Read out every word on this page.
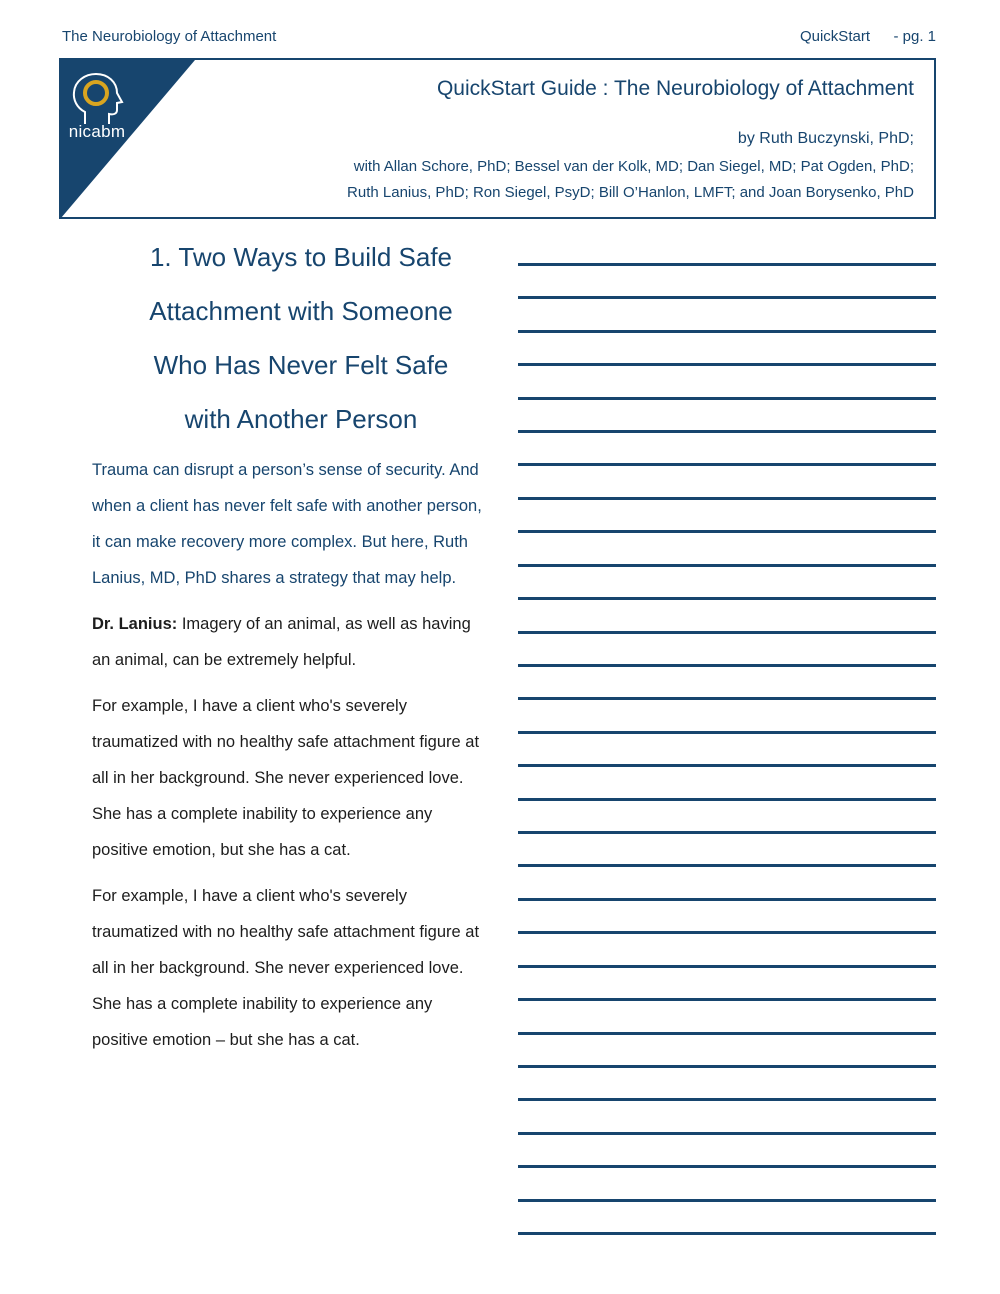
The Neurobiology of Attachment	QuickStart - pg. 1
nicabm
QuickStart Guide : The Neurobiology of Attachment
by Ruth Buczynski, PhD;
with Allan Schore, PhD; Bessel van der Kolk, MD; Dan Siegel, MD; Pat Ogden, PhD;
Ruth Lanius, PhD; Ron Siegel, PsyD; Bill O’Hanlon, LMFT; and Joan Borysenko, PhD
1. Two Ways to Build Safe
Attachment with Someone
Who Has Never Felt Safe
with Another Person

Trauma can disrupt a person’s sense of security. And when a client has never felt safe with another person, it can make recovery more complex. But here, Ruth Lanius, MD, PhD shares a strategy that may help.

Dr. Lanius: Imagery of an animal, as well as having an animal, can be extremely helpful.

For example, I have a client who's severely traumatized with no healthy safe attachment figure at all in her background. She never experienced love. She has a complete inability to experience any positive emotion, but she has a cat.

For example, I have a client who's severely traumatized with no healthy safe attachment figure at all in her background. She never experienced love. She has a complete inability to experience any positive emotion – but she has a cat.
